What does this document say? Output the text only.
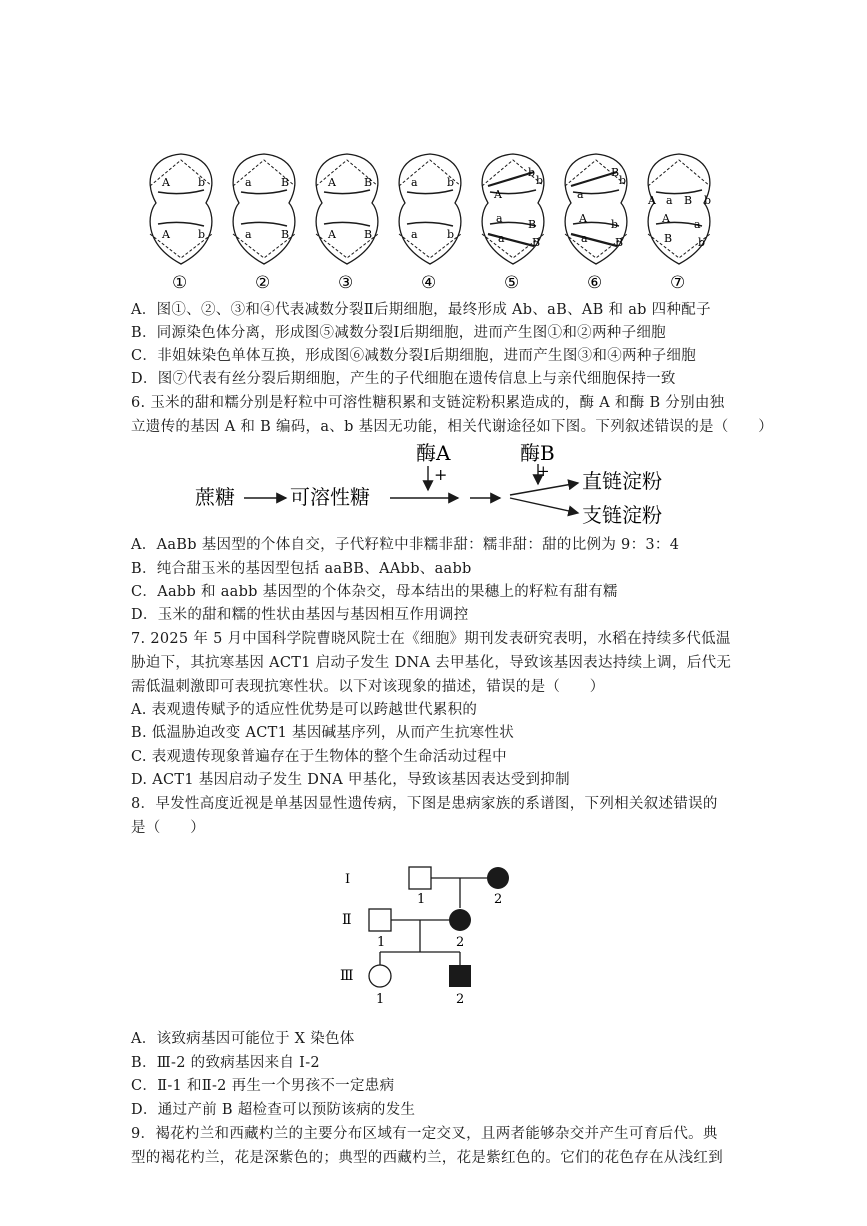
A	b
A	b
①
a	B
a	B
②
A	B
A	B
③
a	b
a	b
④
A
b
b
a B
a B
⑤
a
B
b
A b
a B
⑥
A a B b
A a
B b
⑦
A．图①、②、③和④代表减数分裂Ⅱ后期细胞，最终形成 Ab、aB、AB 和 ab 四种配子
B．同源染色体分离，形成图⑤减数分裂Ⅰ后期细胞，进而产生图①和②两种子细胞
C．非姐妹染色单体互换，形成图⑥减数分裂Ⅰ后期细胞，进而产生图③和④两种子细胞
D．图⑦代表有丝分裂后期细胞，产生的子代细胞在遗传信息上与亲代细胞保持一致
6. 玉米的甜和糯分别是籽粒中可溶性糖积累和支链淀粉积累造成的，酶 A 和酶 B 分别由独
立遗传的基因 A 和 B 编码，a、b 基因无功能，相关代谢途径如下图。下列叙述错误的是（　　）
酶A	酶B
+	+
蔗糖	可溶性糖
直链淀粉
支链淀粉
A．AaBb 基因型的个体自交，子代籽粒中非糯非甜：糯非甜：甜的比例为 9：3：4
B．纯合甜玉米的基因型包括 aaBB、AAbb、aabb
C．Aabb 和 aabb 基因型的个体杂交，母本结出的果穗上的籽粒有甜有糯
D．玉米的甜和糯的性状由基因与基因相互作用调控
7. 2025 年 5 月中国科学院曹晓风院士在《细胞》期刊发表研究表明，水稻在持续多代低温
胁迫下，其抗寒基因 ACT1 启动子发生 DNA 去甲基化，导致该基因表达持续上调，后代无
需低温刺激即可表现抗寒性状。以下对该现象的描述，错误的是（　　）
A. 表观遗传赋予的适应性优势是可以跨越世代累积的
B. 低温胁迫改变 ACT1 基因碱基序列，从而产生抗寒性状
C. 表观遗传现象普遍存在于生物体的整个生命活动过程中
D. ACT1 基因启动子发生 DNA 甲基化，导致该基因表达受到抑制
8．早发性高度近视是单基因显性遗传病，下图是患病家族的系谱图，下列相关叙述错误的
是（　　）
Ⅰ
Ⅱ
Ⅲ
1	2
1	2
1	2
A．该致病基因可能位于 X 染色体
B．Ⅲ-2 的致病基因来自 I-2
C．Ⅱ-1 和Ⅱ-2 再生一个男孩不一定患病
D．通过产前 B 超检查可以预防该病的发生
9．褐花杓兰和西藏杓兰的主要分布区域有一定交叉，且两者能够杂交并产生可育后代。典
型的褐花杓兰，花是深紫色的；典型的西藏杓兰，花是紫红色的。它们的花色存在从浅红到
